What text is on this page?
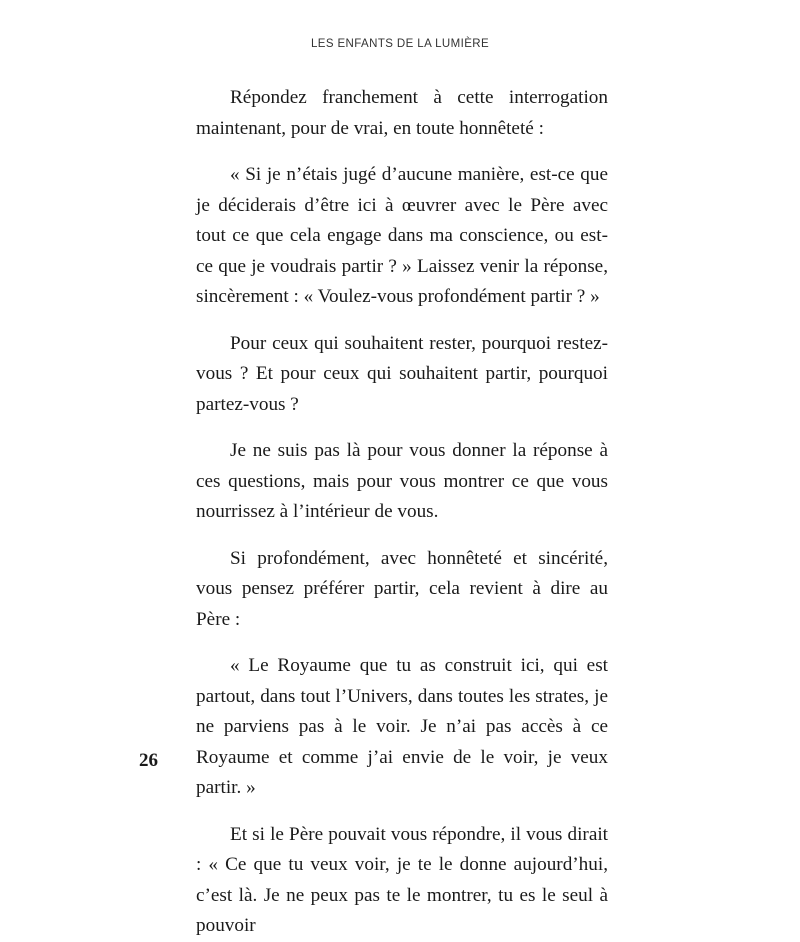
LES ENFANTS DE LA LUMIÈRE

Répondez franchement à cette interrogation maintenant, pour de vrai, en toute honnêteté :

« Si je n’étais jugé d’aucune manière, est-ce que je déciderais d’être ici à œuvrer avec le Père avec tout ce que cela engage dans ma conscience, ou est-ce que je voudrais partir ? » Laissez venir la réponse, sincèrement : « Voulez-vous profondément partir ? »

Pour ceux qui souhaitent rester, pourquoi restez-vous ? Et pour ceux qui souhaitent partir, pourquoi partez-vous ?

Je ne suis pas là pour vous donner la réponse à ces questions, mais pour vous montrer ce que vous nourrissez à l’intérieur de vous.

Si profondément, avec honnêteté et sincérité, vous pensez préférer partir, cela revient à dire au Père :

« Le Royaume que tu as construit ici, qui est partout, dans tout l’Univers, dans toutes les strates, je ne parviens pas à le voir. Je n’ai pas accès à ce Royaume et comme j’ai envie de le voir, je veux partir. »

Et si le Père pouvait vous répondre, il vous dirait : « Ce que tu veux voir, je te le donne aujourd’hui, c’est là. Je ne peux pas te le montrer, tu es le seul à pouvoir

26
